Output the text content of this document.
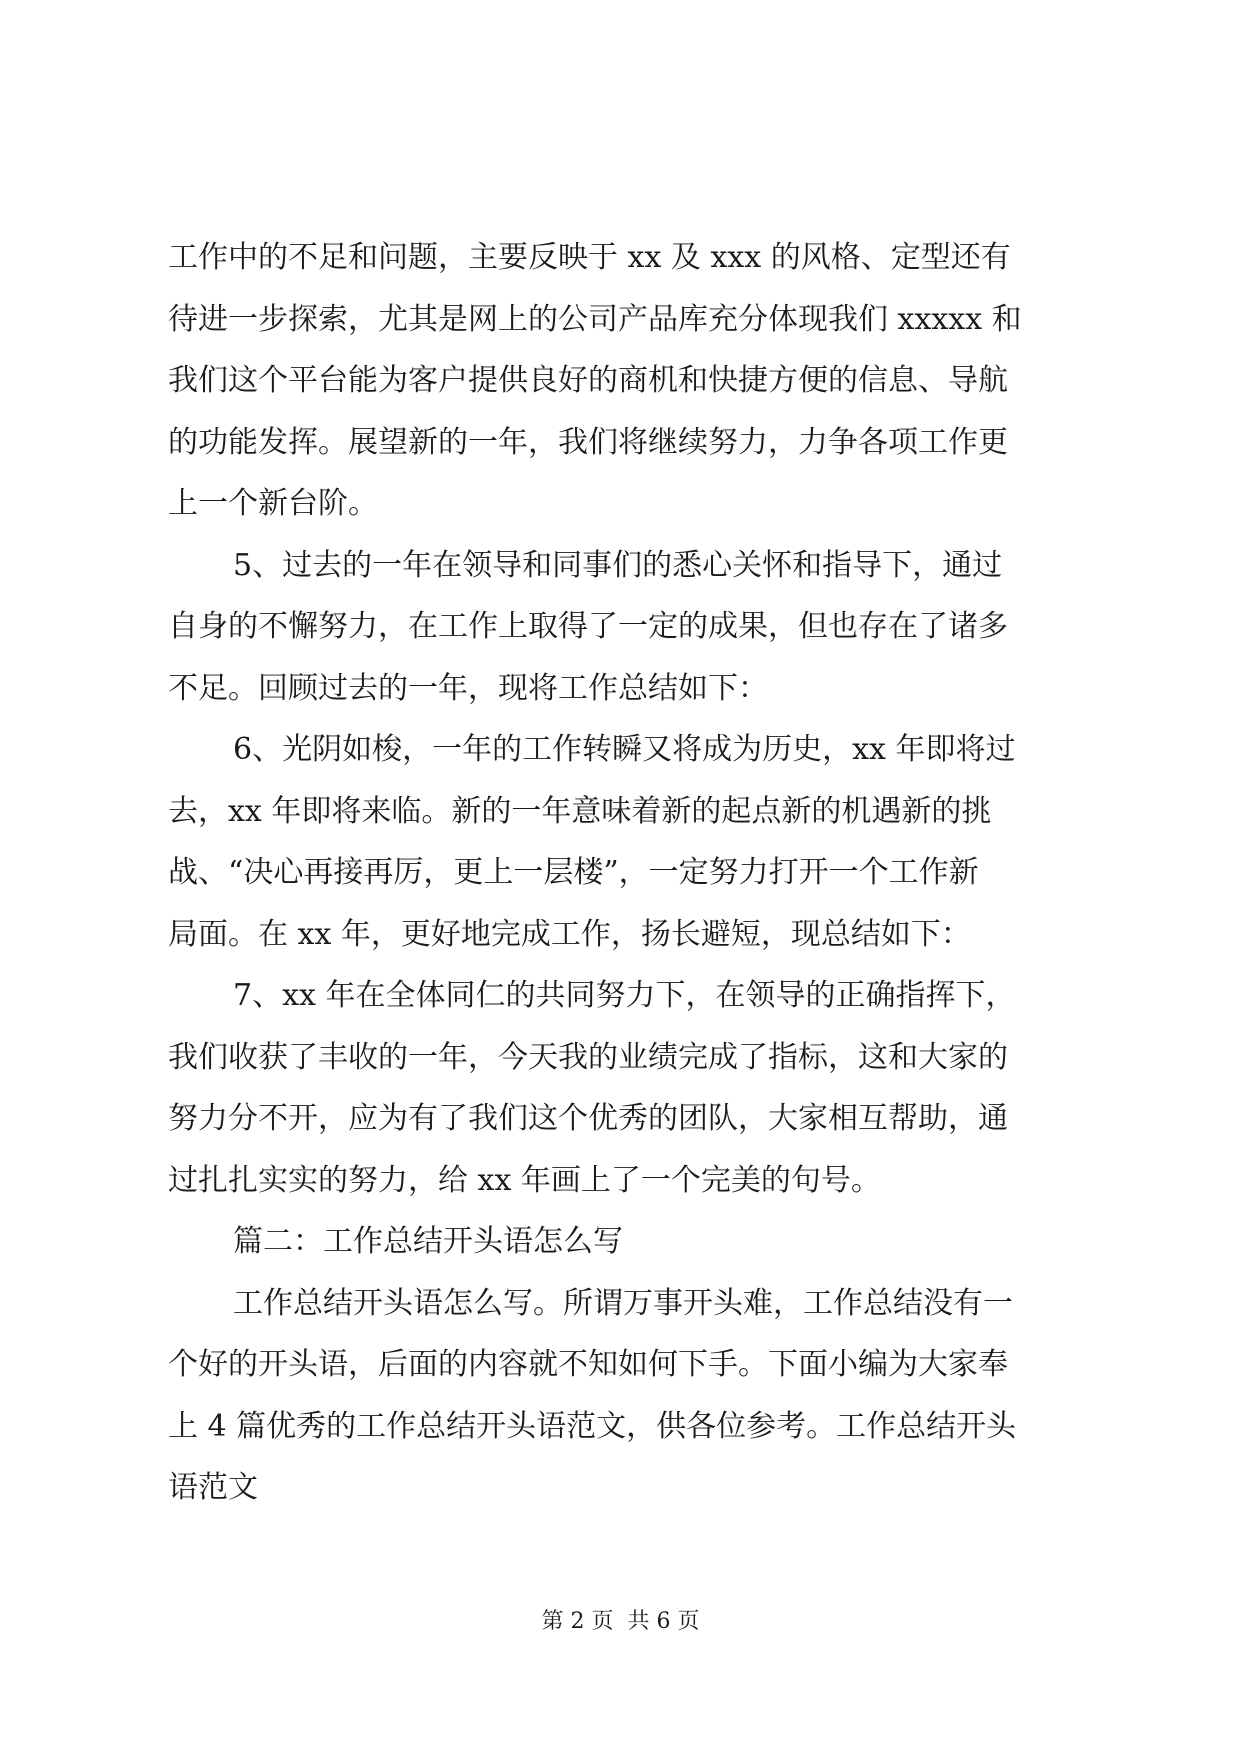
工作中的不足和问题，主要反映于 xx 及 xxx 的风格、定型还有
待进一步探索，尤其是网上的公司产品库充分体现我们 xxxxx 和
我们这个平台能为客户提供良好的商机和快捷方便的信息、导航
的功能发挥。展望新的一年，我们将继续努力，力争各项工作更
上一个新台阶。
5、过去的一年在领导和同事们的悉心关怀和指导下，通过
自身的不懈努力，在工作上取得了一定的成果，但也存在了诸多
不足。回顾过去的一年，现将工作总结如下：
6、光阴如梭，一年的工作转瞬又将成为历史，xx 年即将过
去，xx 年即将来临。新的一年意味着新的起点新的机遇新的挑
战、“决心再接再厉，更上一层楼”，一定努力打开一个工作新
局面。在 xx 年，更好地完成工作，扬长避短，现总结如下：
7、xx 年在全体同仁的共同努力下，在领导的正确指挥下，
我们收获了丰收的一年，今天我的业绩完成了指标，这和大家的
努力分不开，应为有了我们这个优秀的团队，大家相互帮助，通
过扎扎实实的努力，给 xx 年画上了一个完美的句号。
篇二：工作总结开头语怎么写
工作总结开头语怎么写。所谓万事开头难，工作总结没有一
个好的开头语，后面的内容就不知如何下手。下面小编为大家奉
上 4 篇优秀的工作总结开头语范文，供各位参考。工作总结开头
语范文
第 2 页  共 6 页
